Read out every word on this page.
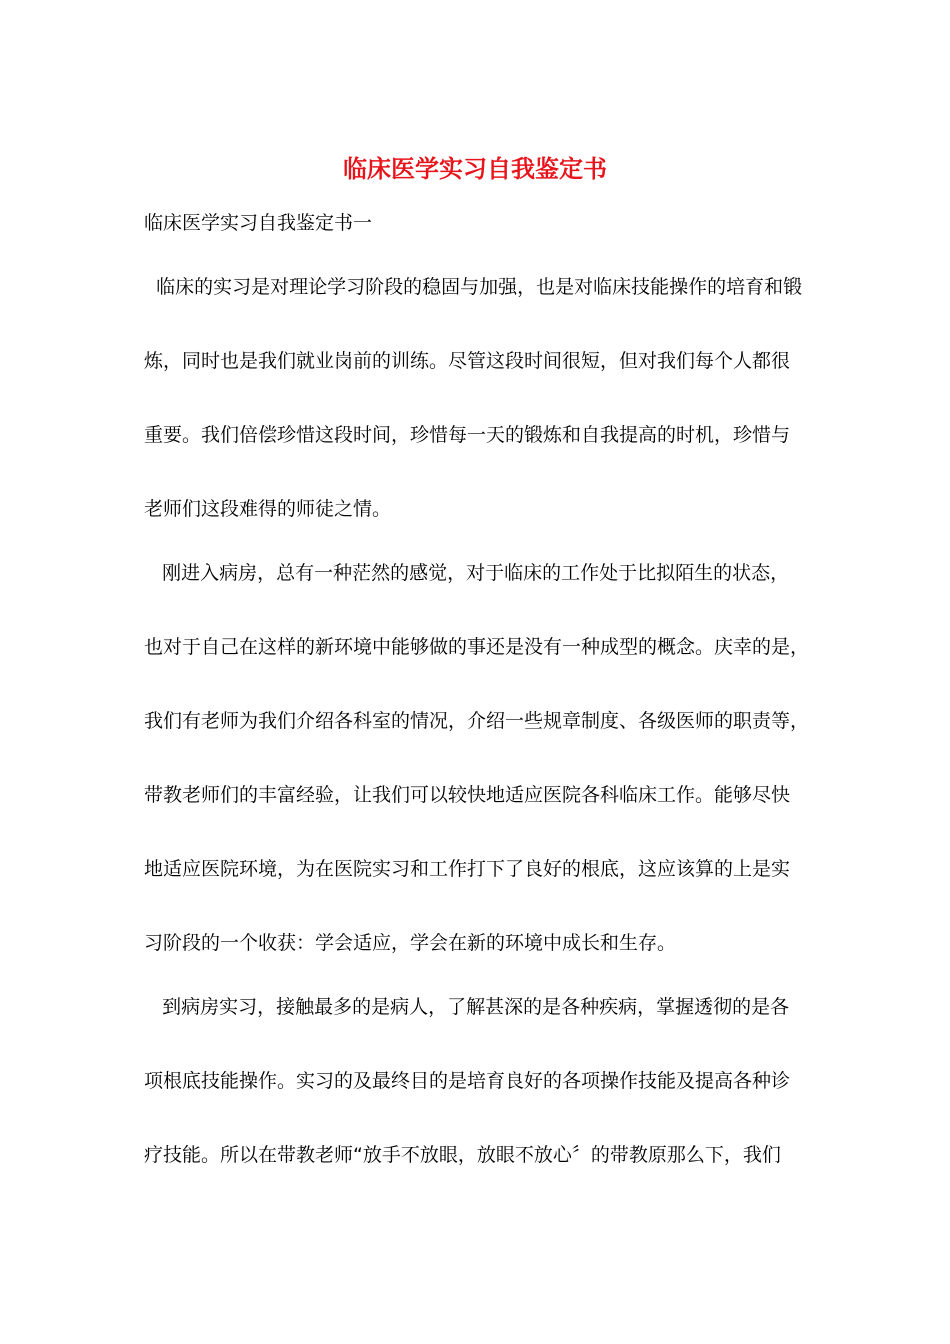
临床医学实习自我鉴定书
临床医学实习自我鉴定书一
临床的实习是对理论学习阶段的稳固与加强，也是对临床技能操作的培育和锻
炼，同时也是我们就业岗前的训练。尽管这段时间很短，但对我们每个人都很
重要。我们倍偿珍惜这段时间，珍惜每一天的锻炼和自我提高的时机，珍惜与
老师们这段难得的师徒之情。
刚进入病房，总有一种茫然的感觉，对于临床的工作处于比拟陌生的状态，
也对于自己在这样的新环境中能够做的事还是没有一种成型的概念。庆幸的是，
我们有老师为我们介绍各科室的情况，介绍一些规章制度、各级医师的职责等，
带教老师们的丰富经验，让我们可以较快地适应医院各科临床工作。能够尽快
地适应医院环境，为在医院实习和工作打下了良好的根底，这应该算的上是实
习阶段的一个收获：学会适应，学会在新的环境中成长和生存。
到病房实习，接触最多的是病人，了解甚深的是各种疾病，掌握透彻的是各
项根底技能操作。实习的及最终目的是培育良好的各项操作技能及提高各种诊
疗技能。所以在带教老师“放手不放眼，放眼不放心〞的带教原那么下，我们
